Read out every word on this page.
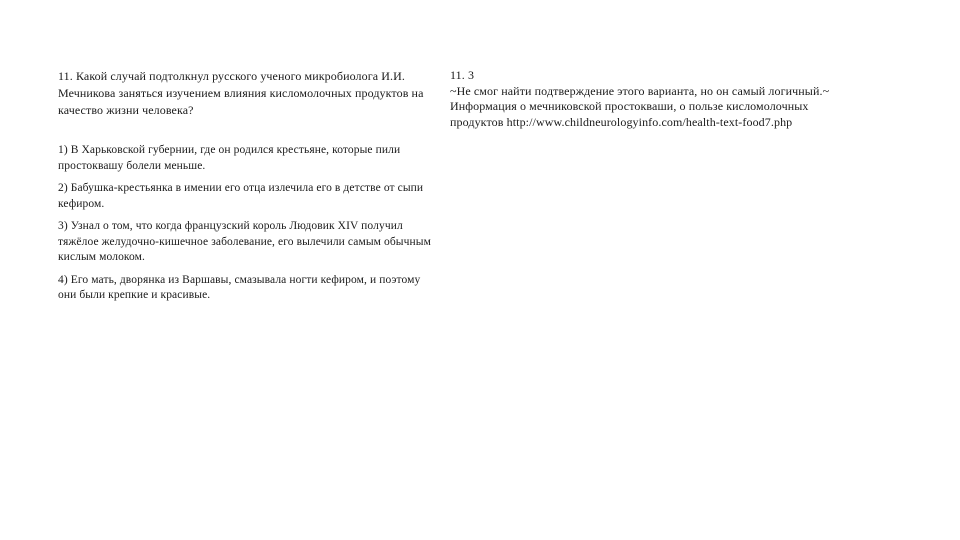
11. Какой случай подтолкнул русского ученого микробиолога И.И. Мечникова заняться изучением влияния кисломолочных продуктов на качество жизни человека?

1) В Харьковской губернии, где он родился крестьяне, которые пили простоквашу болели меньше.

2) Бабушка-крестьянка в имении его отца излечила его в детстве от сыпи кефиром.

3) Узнал о том, что когда французский король Людовик XIV получил тяжёлое желудочно-кишечное заболевание, его вылечили самым обычным кислым молоком.

4) Его мать, дворянка из Варшавы, смазывала ногти кефиром, и поэтому они были крепкие и красивые.

11. 3

~Не смог найти подтверждение этого варианта, но он самый логичный.~

Информация о мечниковской простокваши, о пользе кисломолочных

продуктов http://www.childneurologyinfo.com/health-text-food7.php
